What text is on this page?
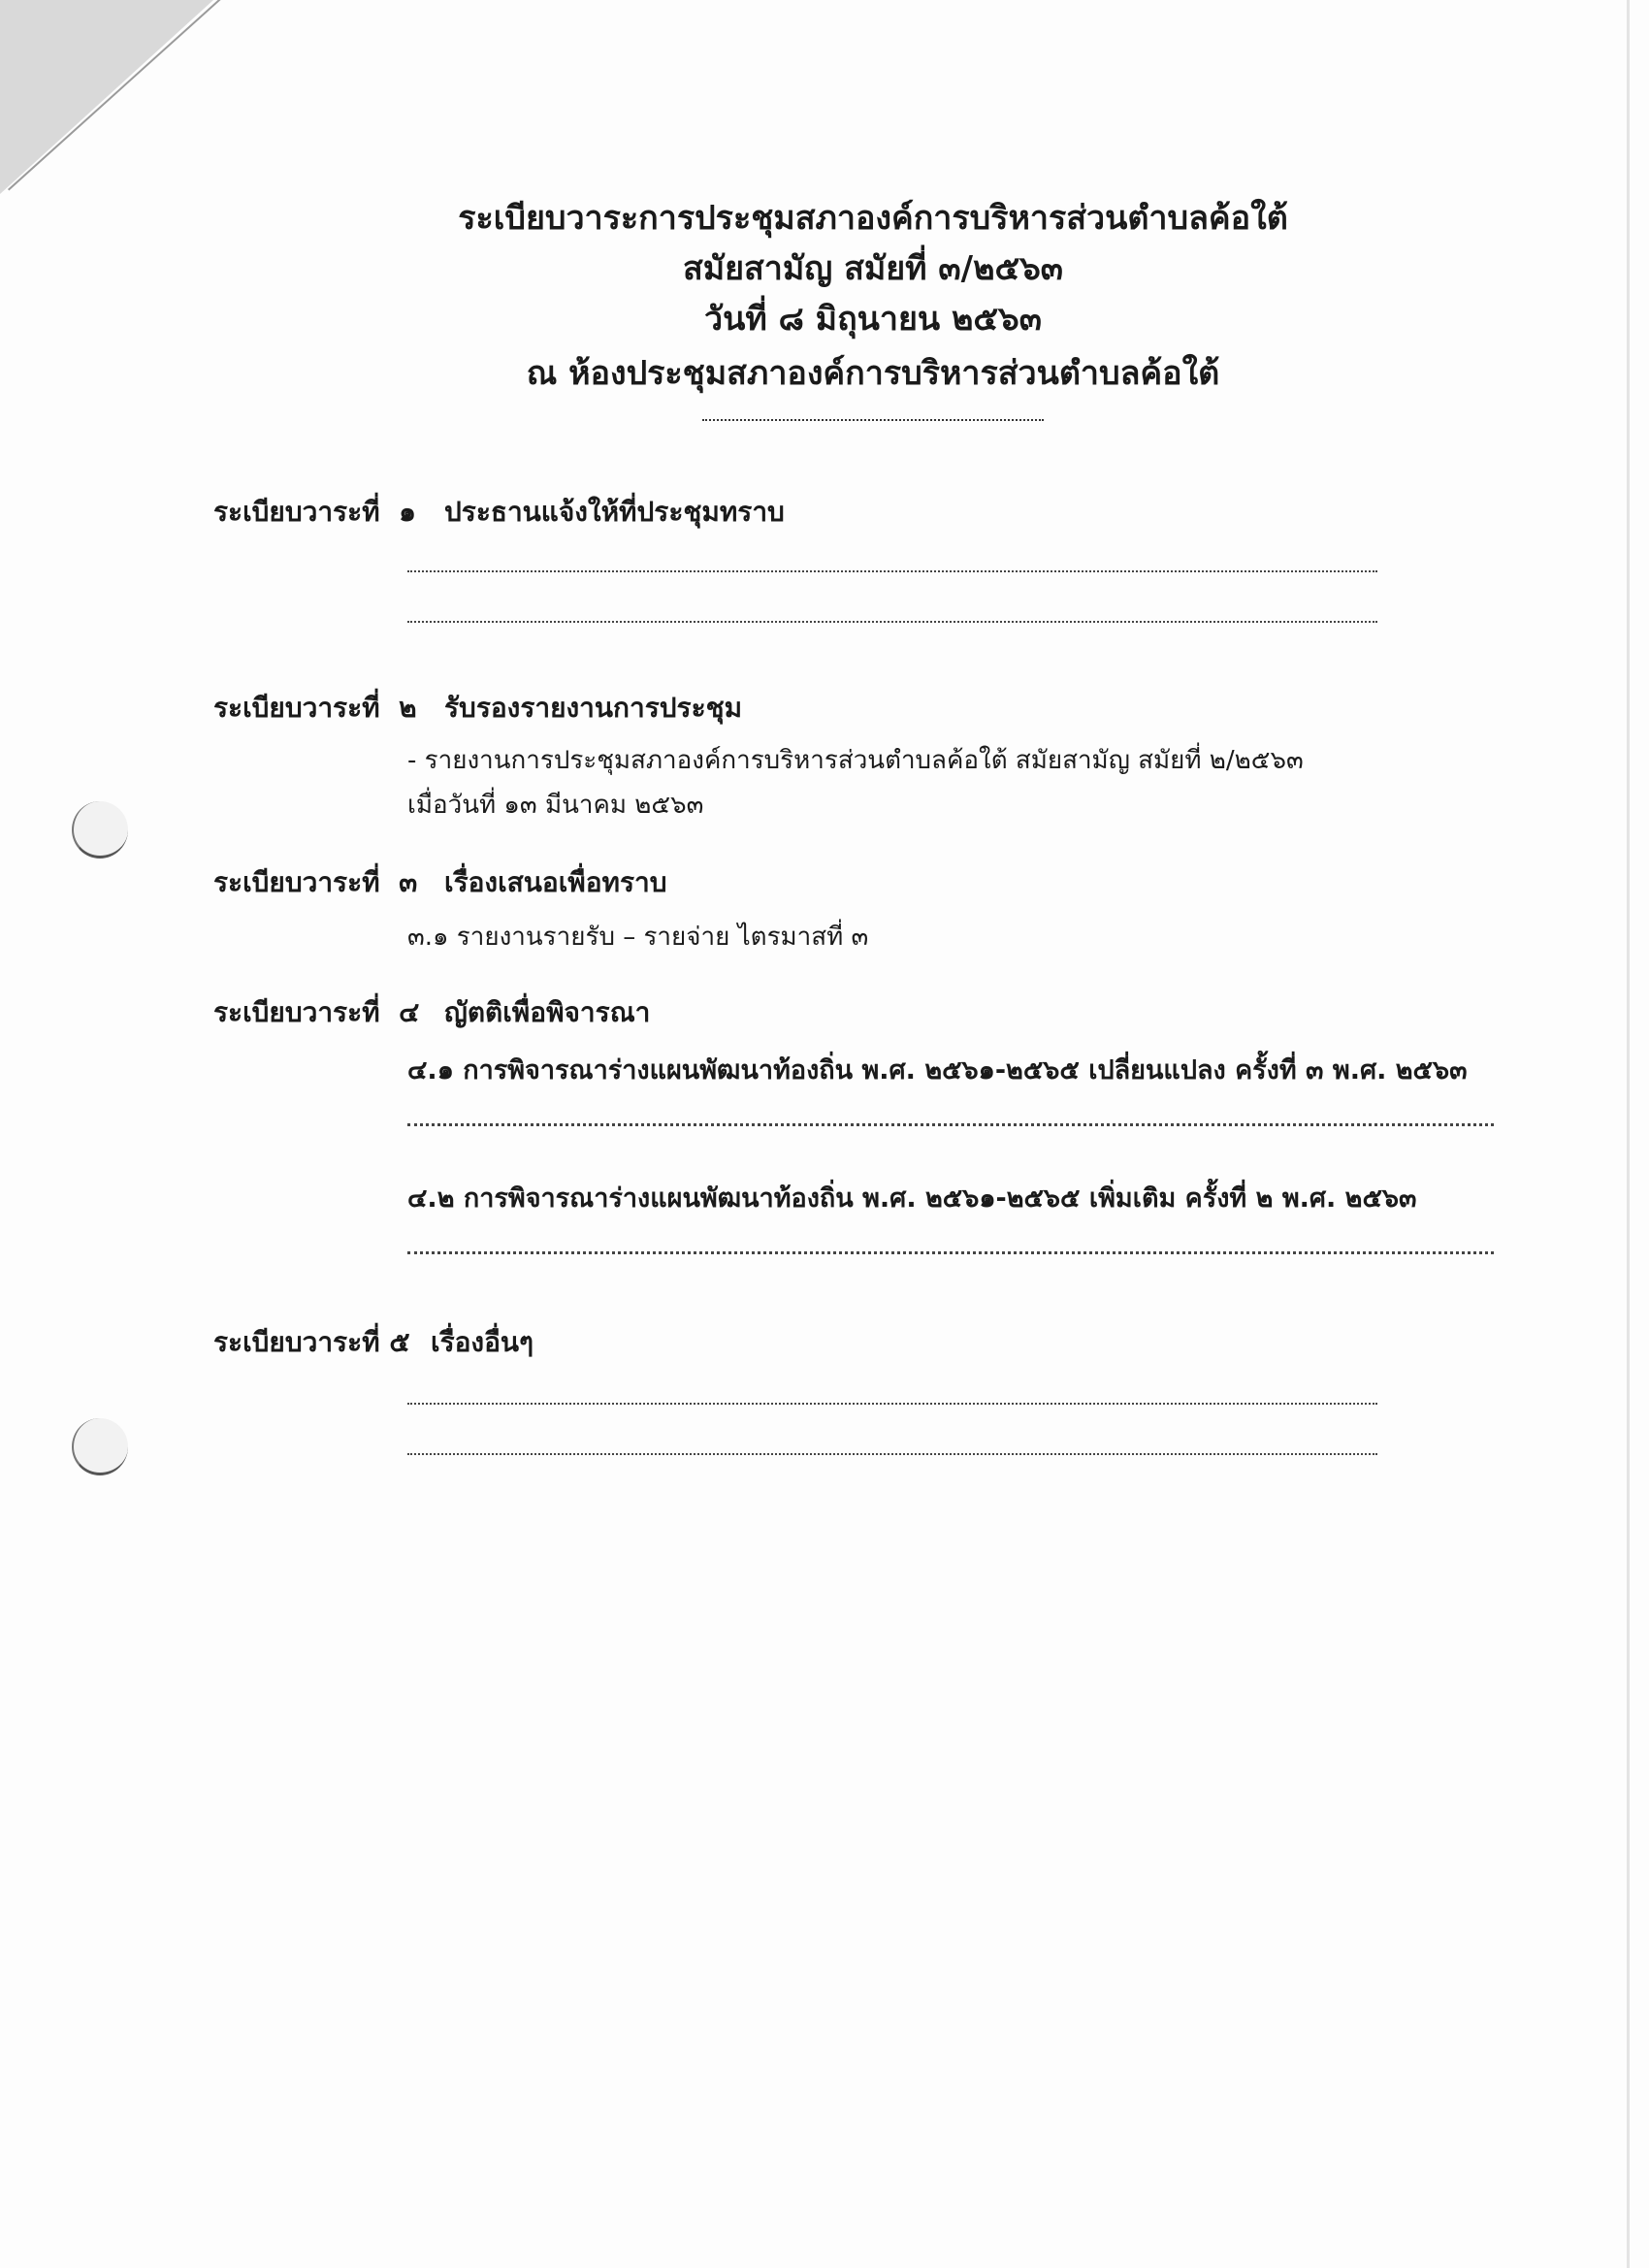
ระเบียบวาระการประชุมสภาองค์การบริหารส่วนตำบลค้อใต้
สมัยสามัญ สมัยที่ ๓/๒๕๖๓
วันที่ ๘ มิถุนายน ๒๕๖๓
ณ ห้องประชุมสภาองค์การบริหารส่วนตำบลค้อใต้
ระเบียบวาระที่ ๑ ประธานแจ้งให้ที่ประชุมทราบ
ระเบียบวาระที่ ๒ รับรองรายงานการประชุม
- รายงานการประชุมสภาองค์การบริหารส่วนตำบลค้อใต้ สมัยสามัญ สมัยที่ ๒/๒๕๖๓
เมื่อวันที่ ๑๓ มีนาคม ๒๕๖๓
ระเบียบวาระที่ ๓ เรื่องเสนอเพื่อทราบ
๓.๑ รายงานรายรับ – รายจ่าย ไตรมาสที่ ๓
ระเบียบวาระที่ ๔ ญัตติเพื่อพิจารณา
๔.๑ การพิจารณาร่างแผนพัฒนาท้องถิ่น พ.ศ. ๒๕๖๑-๒๕๖๕ เปลี่ยนแปลง ครั้งที่ ๓ พ.ศ. ๒๕๖๓
๔.๒ การพิจารณาร่างแผนพัฒนาท้องถิ่น พ.ศ. ๒๕๖๑-๒๕๖๕ เพิ่มเติม ครั้งที่ ๒ พ.ศ. ๒๕๖๓
ระเบียบวาระที่ ๕ เรื่องอื่นๆ
